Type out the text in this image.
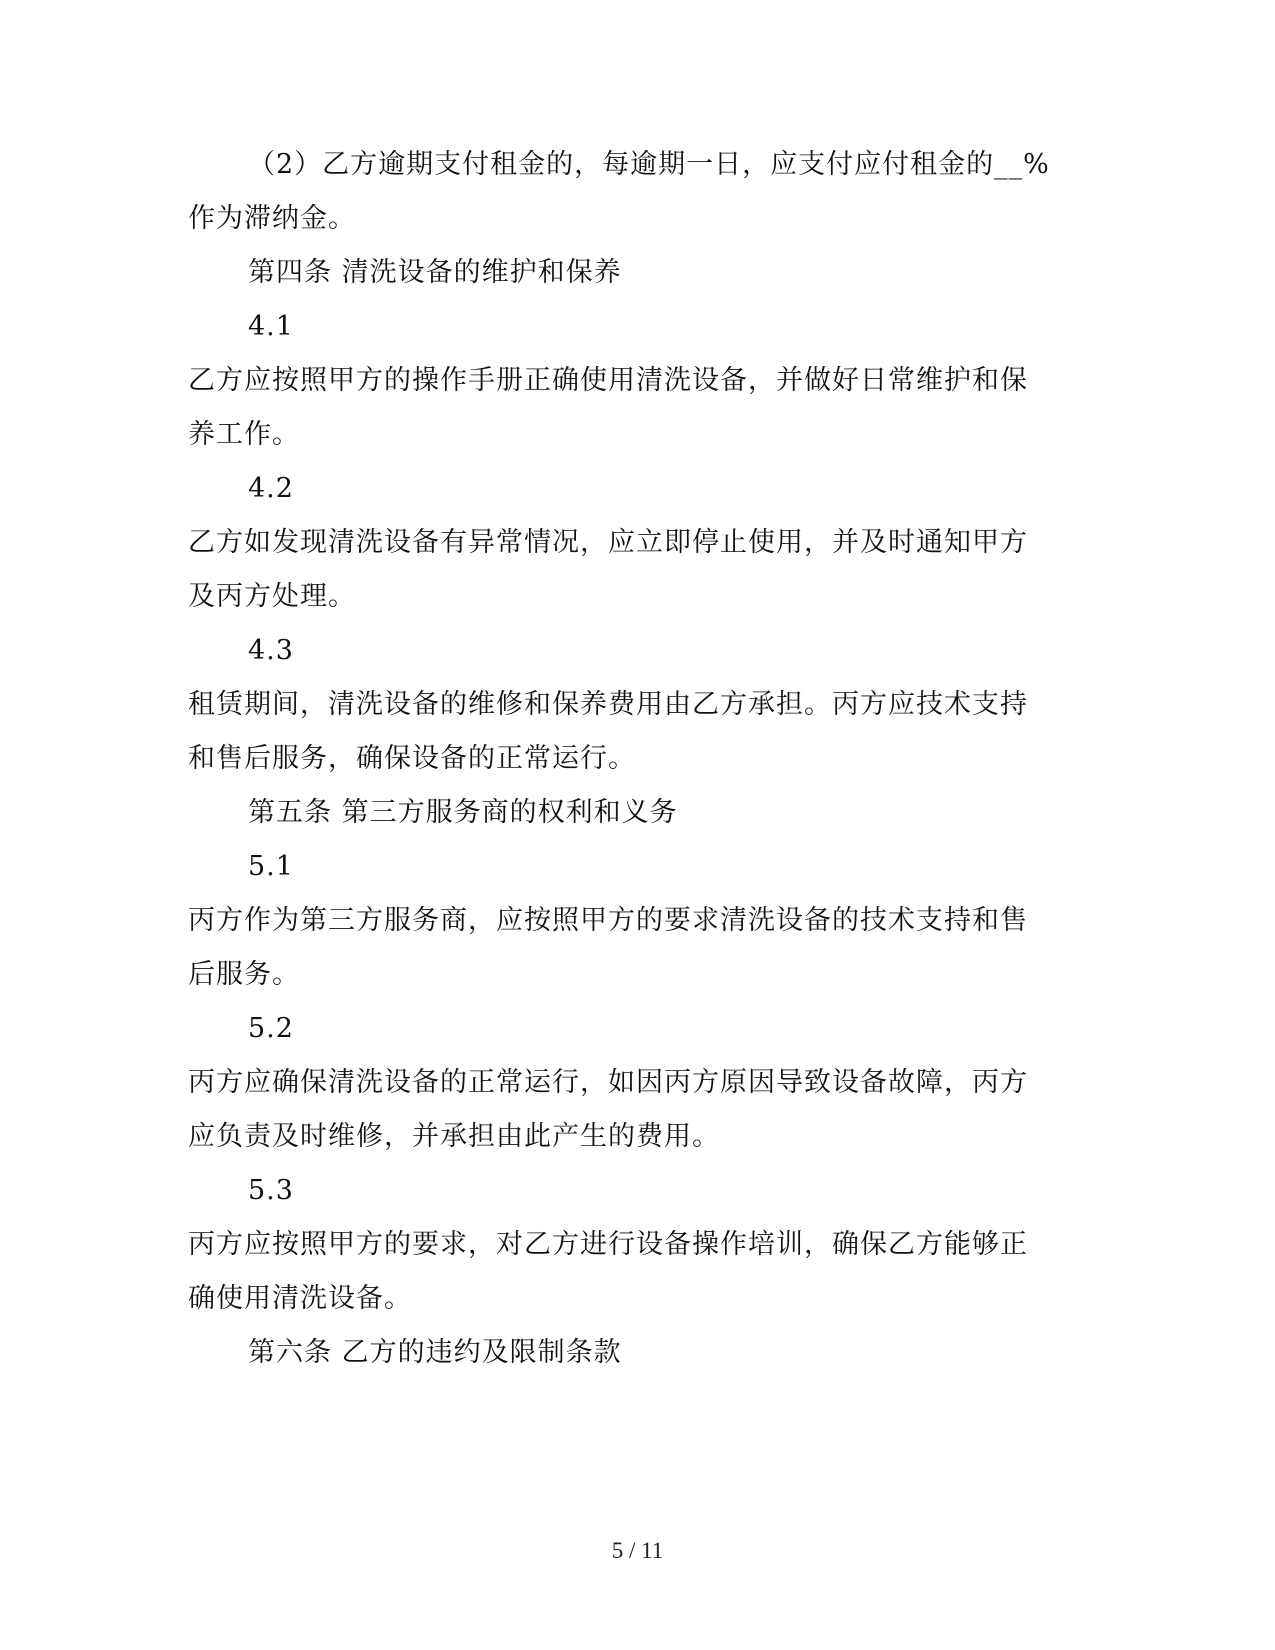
（2）乙方逾期支付租金的，每逾期一日，应支付应付租金的__%
作为滞纳金。
第四条 清洗设备的维护和保养
4.1
乙方应按照甲方的操作手册正确使用清洗设备，并做好日常维护和保
养工作。
4.2
乙方如发现清洗设备有异常情况，应立即停止使用，并及时通知甲方
及丙方处理。
4.3
租赁期间，清洗设备的维修和保养费用由乙方承担。丙方应技术支持
和售后服务，确保设备的正常运行。
第五条 第三方服务商的权利和义务
5.1
丙方作为第三方服务商，应按照甲方的要求清洗设备的技术支持和售
后服务。
5.2
丙方应确保清洗设备的正常运行，如因丙方原因导致设备故障，丙方
应负责及时维修，并承担由此产生的费用。
5.3
丙方应按照甲方的要求，对乙方进行设备操作培训，确保乙方能够正
确使用清洗设备。
第六条 乙方的违约及限制条款
5 / 11
